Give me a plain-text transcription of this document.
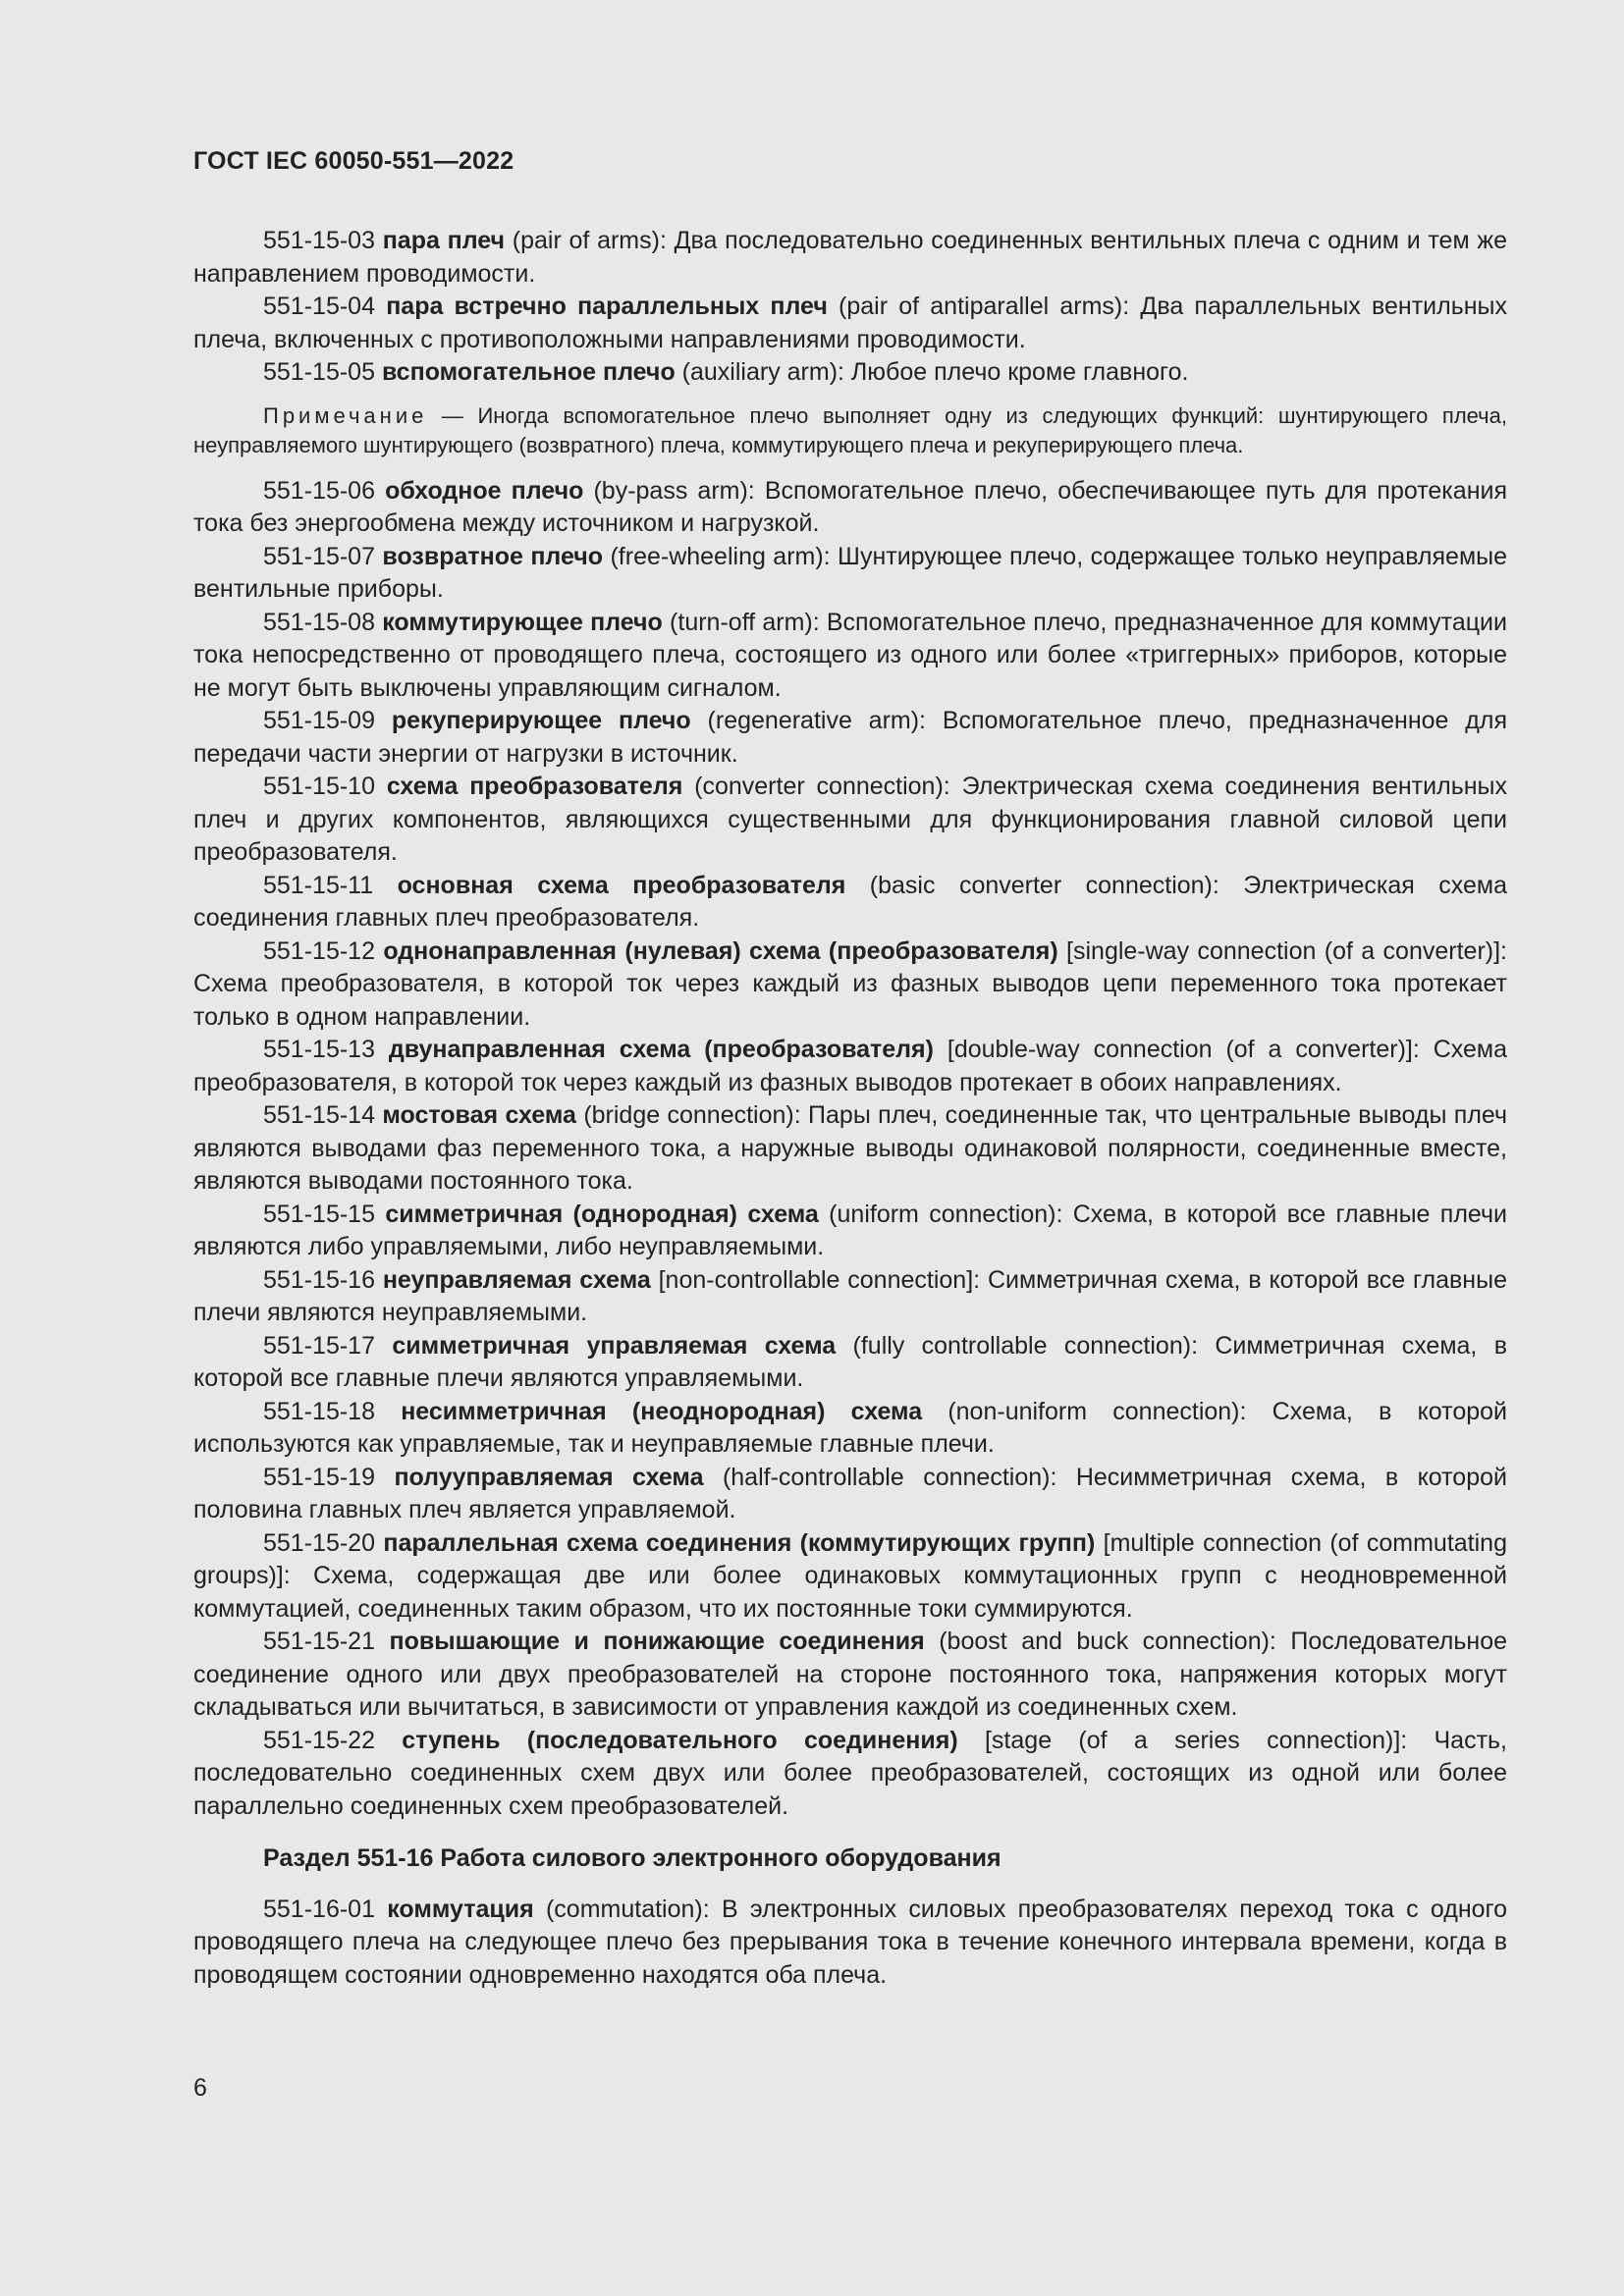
ГОСТ IEC 60050-551—2022

551-15-03 пара плеч (pair of arms): Два последовательно соединенных вентильных плеча с одним и тем же направлением проводимости.

551-15-04 пара встречно параллельных плеч (pair of antiparallel arms): Два параллельных вентильных плеча, включенных с противоположными направлениями проводимости.

551-15-05 вспомогательное плечо (auxiliary arm): Любое плечо кроме главного.

Примечание — Иногда вспомогательное плечо выполняет одну из следующих функций: шунтирующего плеча, неуправляемого шунтирующего (возвратного) плеча, коммутирующего плеча и рекуперирующего плеча.

551-15-06 обходное плечо (by-pass arm): Вспомогательное плечо, обеспечивающее путь для протекания тока без энергообмена между источником и нагрузкой.

551-15-07 возвратное плечо (free-wheeling arm): Шунтирующее плечо, содержащее только неуправляемые вентильные приборы.

551-15-08 коммутирующее плечо (turn-off arm): Вспомогательное плечо, предназначенное для коммутации тока непосредственно от проводящего плеча, состоящего из одного или более «триггерных» приборов, которые не могут быть выключены управляющим сигналом.

551-15-09 рекуперирующее плечо (regenerative arm): Вспомогательное плечо, предназначенное для передачи части энергии от нагрузки в источник.

551-15-10 схема преобразователя (converter connection): Электрическая схема соединения вентильных плеч и других компонентов, являющихся существенными для функционирования главной силовой цепи преобразователя.

551-15-11 основная схема преобразователя (basic converter connection): Электрическая схема соединения главных плеч преобразователя.

551-15-12 однонаправленная (нулевая) схема (преобразователя) [single-way connection (of a converter)]: Схема преобразователя, в которой ток через каждый из фазных выводов цепи переменного тока протекает только в одном направлении.

551-15-13 двунаправленная схема (преобразователя) [double-way connection (of a converter)]: Схема преобразователя, в которой ток через каждый из фазных выводов протекает в обоих направлениях.

551-15-14 мостовая схема (bridge connection): Пары плеч, соединенные так, что центральные выводы плеч являются выводами фаз переменного тока, а наружные выводы одинаковой полярности, соединенные вместе, являются выводами постоянного тока.

551-15-15 симметричная (однородная) схема (uniform connection): Схема, в которой все главные плечи являются либо управляемыми, либо неуправляемыми.

551-15-16 неуправляемая схема [non-controllable connection]: Симметричная схема, в которой все главные плечи являются неуправляемыми.

551-15-17 симметричная управляемая схема (fully controllable connection): Симметричная схема, в которой все главные плечи являются управляемыми.

551-15-18 несимметричная (неоднородная) схема (non-uniform connection): Схема, в которой используются как управляемые, так и неуправляемые главные плечи.

551-15-19 полууправляемая схема (half-controllable connection): Несимметричная схема, в которой половина главных плеч является управляемой.

551-15-20 параллельная схема соединения (коммутирующих групп) [multiple connection (of commutating groups)]: Схема, содержащая две или более одинаковых коммутационных групп с неодновременной коммутацией, соединенных таким образом, что их постоянные токи суммируются.

551-15-21 повышающие и понижающие соединения (boost and buck connection): Последовательное соединение одного или двух преобразователей на стороне постоянного тока, напряжения которых могут складываться или вычитаться, в зависимости от управления каждой из соединенных схем.

551-15-22 ступень (последовательного соединения) [stage (of a series connection)]: Часть, последовательно соединенных схем двух или более преобразователей, состоящих из одной или более параллельно соединенных схем преобразователей.

Раздел 551-16 Работа силового электронного оборудования

551-16-01 коммутация (commutation): В электронных силовых преобразователях переход тока с одного проводящего плеча на следующее плечо без прерывания тока в течение конечного интервала времени, когда в проводящем состоянии одновременно находятся оба плеча.

6
